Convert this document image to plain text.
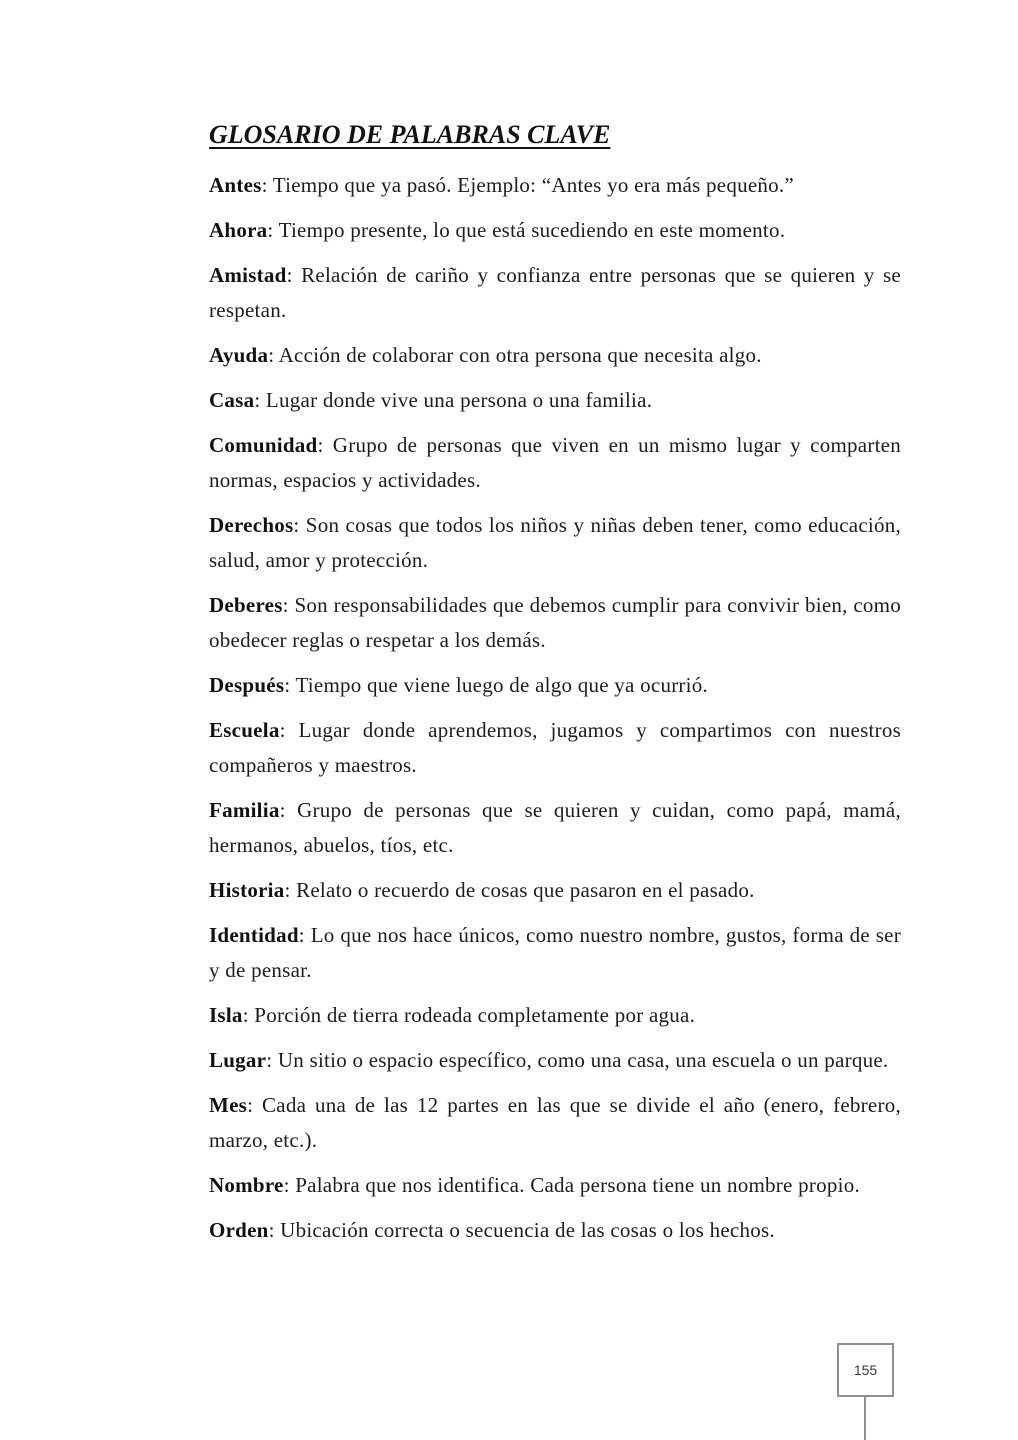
GLOSARIO DE PALABRAS CLAVE

Antes: Tiempo que ya pasó. Ejemplo: “Antes yo era más pequeño.”

Ahora: Tiempo presente, lo que está sucediendo en este momento.

Amistad: Relación de cariño y confianza entre personas que se quieren y se respetan.

Ayuda: Acción de colaborar con otra persona que necesita algo.

Casa: Lugar donde vive una persona o una familia.

Comunidad: Grupo de personas que viven en un mismo lugar y comparten normas, espacios y actividades.

Derechos: Son cosas que todos los niños y niñas deben tener, como educación, salud, amor y protección.

Deberes: Son responsabilidades que debemos cumplir para convivir bien, como obedecer reglas o respetar a los demás.

Después: Tiempo que viene luego de algo que ya ocurrió.

Escuela: Lugar donde aprendemos, jugamos y compartimos con nuestros compañeros y maestros.

Familia: Grupo de personas que se quieren y cuidan, como papá, mamá, hermanos, abuelos, tíos, etc.

Historia: Relato o recuerdo de cosas que pasaron en el pasado.

Identidad: Lo que nos hace únicos, como nuestro nombre, gustos, forma de ser y de pensar.

Isla: Porción de tierra rodeada completamente por agua.

Lugar: Un sitio o espacio específico, como una casa, una escuela o un parque.

Mes: Cada una de las 12 partes en las que se divide el año (enero, febrero, marzo, etc.).

Nombre: Palabra que nos identifica. Cada persona tiene un nombre propio.

Orden: Ubicación correcta o secuencia de las cosas o los hechos.

155
